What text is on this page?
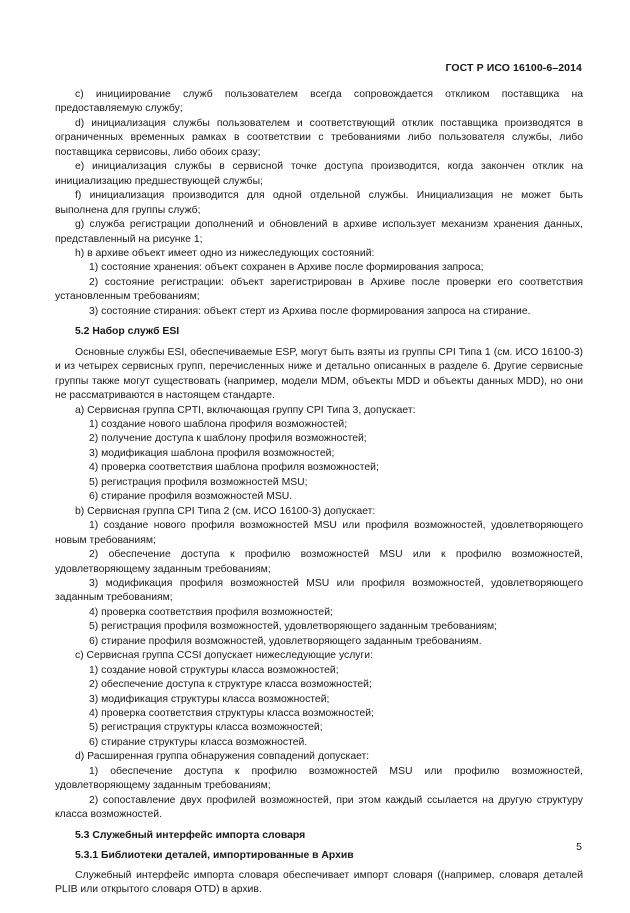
ГОСТ Р ИСО 16100-6–2014

c) инициирование служб пользователем всегда сопровождается откликом поставщика на предоставляемую службу;

d) инициализация службы пользователем и соответствующий отклик поставщика производятся в ограниченных временных рамках в соответствии с требованиями либо пользователя службы, либо поставщика сервисовы, либо обоих сразу;

e) инициализация службы в сервисной точке доступа производится, когда закончен отклик на инициализацию предшествующей службы;

f) инициализация производится для одной отдельной службы. Инициализация не может быть выполнена для группы служб;

g) служба регистрации дополнений и обновлений в архиве использует механизм хранения данных, представленный на рисунке 1;

h) в архиве объект имеет одно из нижеследующих состояний:

1) состояние хранения: объект сохранен в Архиве после формирования запроса;

2) состояние регистрации: объект зарегистрирован в Архиве после проверки его соответствия установленным требованиям;

3) состояние стирания: объект стерт из Архива после формирования запроса на стирание.

5.2 Набор служб ESI

Основные службы ESI, обеспечиваемые ESP, могут быть взяты из группы CPI Типа 1 (см. ИСО 16100-3) и из четырех сервисных групп, перечисленных ниже и детально описанных в разделе 6. Другие сервисные группы также могут существовать (например, модели MDM, объекты MDD и объекты данных MDD), но они не рассматриваются в настоящем стандарте.

a) Сервисная группа CPTI, включающая группу CPI Типа 3, допускает:

1) создание нового шаблона профиля возможностей;

2) получение доступа к шаблону профиля возможностей;

3) модификация шаблона профиля возможностей;

4) проверка соответствия шаблона профиля возможностей;

5) регистрация профиля возможностей MSU;

6) стирание профиля возможностей MSU.

b) Сервисная группа CPI Типа 2 (см. ИСО 16100-3) допускает:

1) создание нового профиля возможностей MSU или профиля возможностей, удовлетворяющего новым требованиям;

2) обеспечение доступа к профилю возможностей MSU или к профилю возможностей, удовлетворяющему заданным требованиям;

3) модификация профиля возможностей MSU или профиля возможностей, удовлетворяющего заданным требованиям;

4) проверка соответствия профиля возможностей;

5) регистрация профиля возможностей, удовлетворяющего заданным требованиям;

6) стирание профиля возможностей, удовлетворяющего заданным требованиям.

c) Сервисная группа CCSI допускает нижеследующие услуги:

1) создание новой структуры класса возможностей;

2) обеспечение доступа к структуре класса возможностей;

3) модификация структуры класса возможностей;

4) проверка соответствия структуры класса возможностей;

5) регистрация структуры класса возможностей;

6) стирание структуры класса возможностей.

d) Расширенная группа обнаружения совпадений допускает:

1) обеспечение доступа к профилю возможностей MSU или профилю возможностей, удовлетворяющему заданным требованиям;

2) сопоставление двух профилей возможностей, при этом каждый ссылается на другую структуру класса возможностей.

5.3 Служебный интерфейс импорта словаря

5.3.1 Библиотеки деталей, импортированные в Архив

Служебный интерфейс импорта словаря обеспечивает импорт словаря ((например, словаря деталей PLIB или открытого словаря OTD) в архив.

5
